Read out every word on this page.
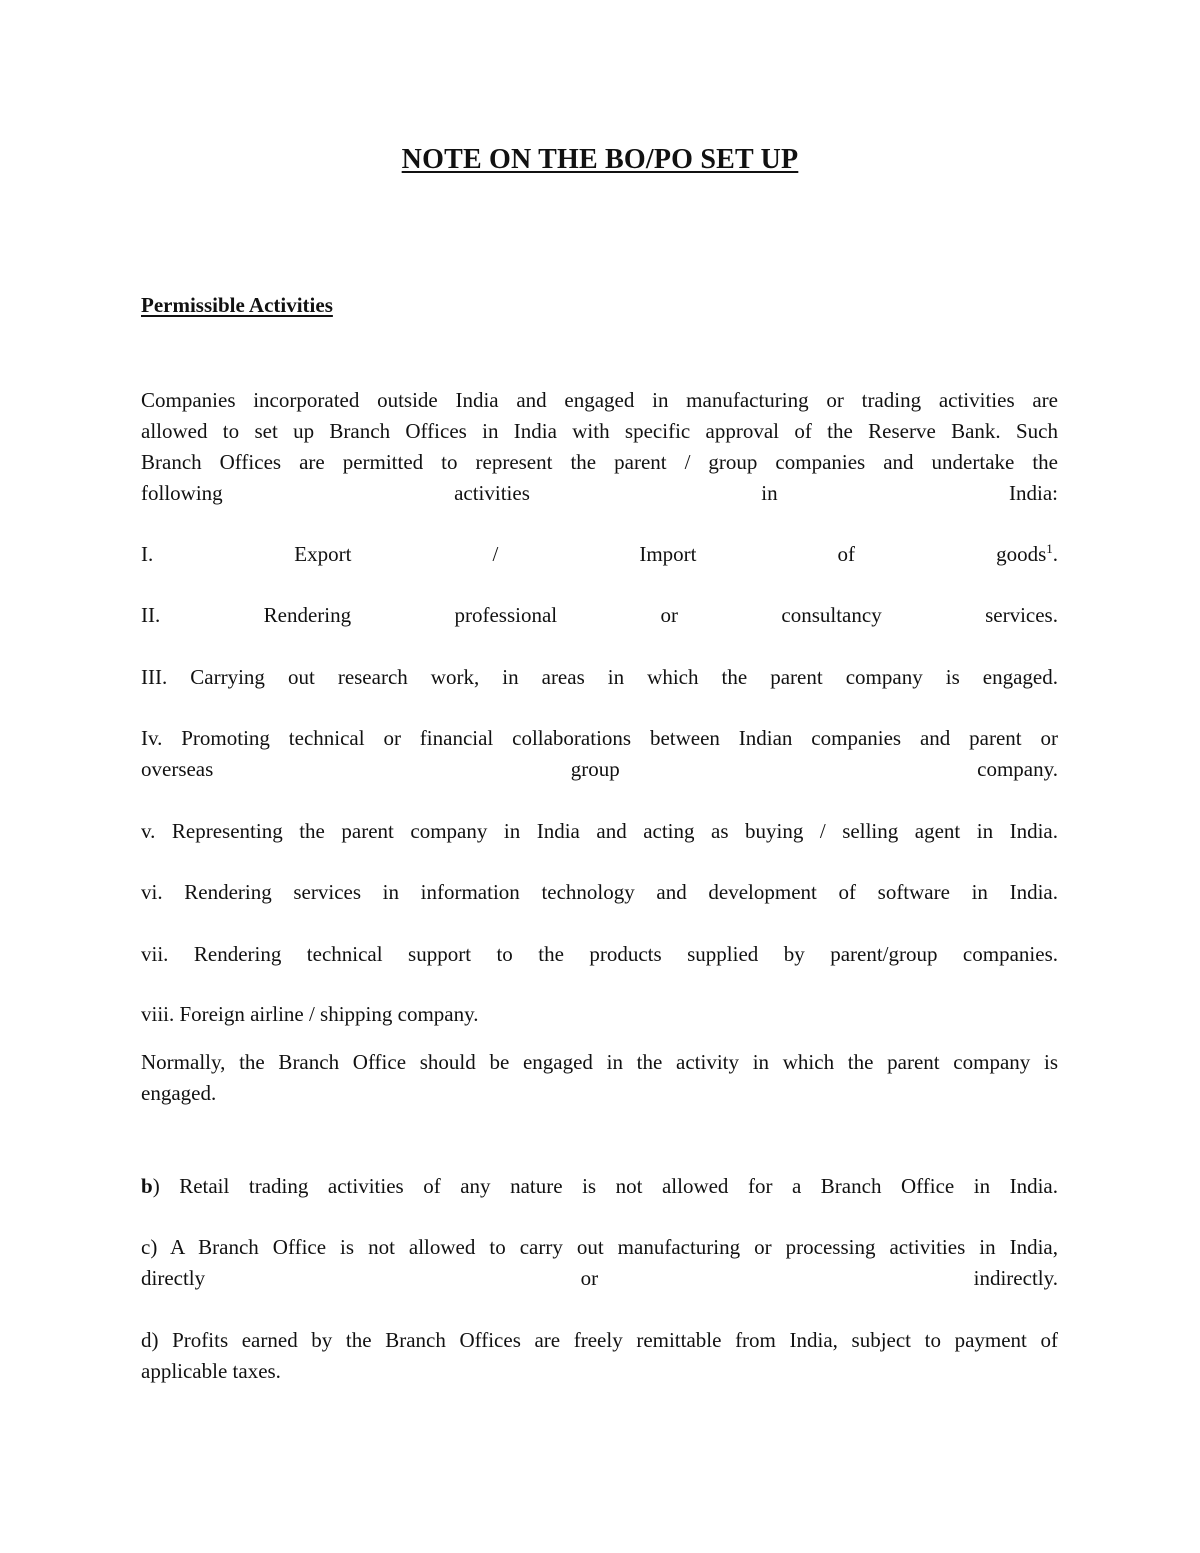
NOTE ON THE BO/PO SET UP
Permissible Activities
Companies incorporated outside India and engaged in manufacturing or trading activities are
allowed to set up Branch Offices in India with specific approval of the Reserve Bank. Such
Branch Offices are permitted to represent the parent / group companies and undertake the
following	activities	in	India:
I.	Export	/	Import	of	goods$^1$.
II.	Rendering	professional	or	consultancy	services.
III. Carrying out research work, in areas in which the parent company is engaged.
Iv. Promoting technical or financial collaborations between Indian companies and parent or
overseas	group	company.
v. Representing the parent company in India and acting as buying / selling agent in India.
vi. Rendering services in information technology and development of software in India.
vii. Rendering technical support to the products supplied by parent/group companies.
viii. Foreign airline / shipping company.
Normally, the Branch Office should be engaged in the activity in which the parent company is
engaged.
b) Retail trading activities of any nature is not allowed for a Branch Office in India.
c) A Branch Office is not allowed to carry out manufacturing or processing activities in India,
directly	or	indirectly.
d) Profits earned by the Branch Offices are freely remittable from India, subject to payment of
applicable taxes.
